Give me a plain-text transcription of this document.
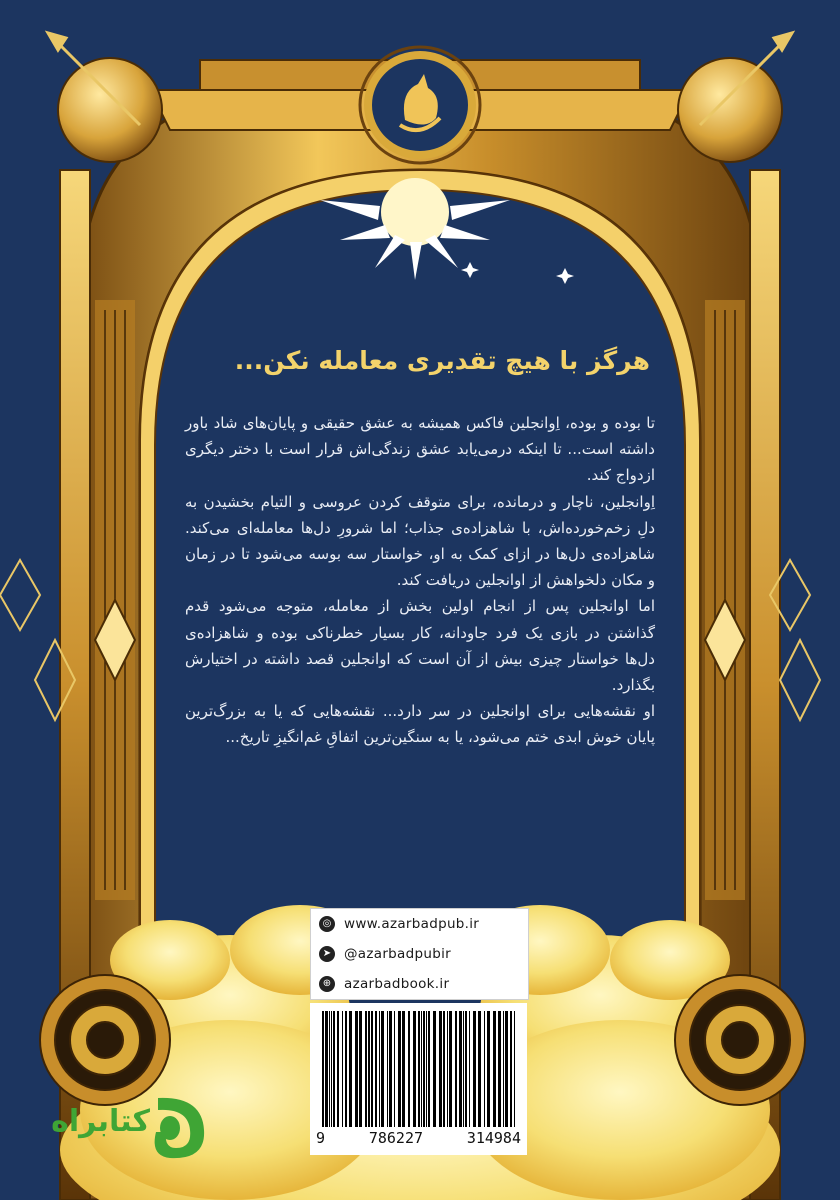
هرگز با هیچ تقدیری معامله نکن...

تا بوده و بوده، اِوانجلین فاکس همیشه به عشق حقیقی و پایان‌های شاد باور داشته است... تا اینکه درمی‌یابد عشق زندگی‌اش قرار است با دختر دیگری ازدواج کند.

اِوانجلین، ناچار و درمانده، برای متوقف کردن عروسی و التیام بخشیدن به دلِ زخم‌خورده‌اش، با شاهزاده‌ی جذاب؛ اما شرورِ دل‌ها معامله‌ای می‌کند. شاهزاده‌ی دل‌ها در ازای کمک به او، خواستار سه بوسه می‌شود تا در زمان و مکان دلخواهش از اوانجلین دریافت کند.

اما اوانجلین پس از انجام اولین بخش از معامله، متوجه می‌شود قدم گذاشتن در بازی یک فرد جاودانه، کار بسیار خطرناکی بوده و شاهزاده‌ی دل‌ها خواستار چیزی بیش از آن است که اوانجلین قصد داشته در اختیارش بگذارد.

او نقشه‌هایی برای اوانجلین در سر دارد... نقشه‌هایی که یا به بزرگ‌ترین پایان خوش ابدی ختم می‌شود، یا به سنگین‌ترین اتفاقِ غم‌انگیزِ تاریخ...

◎ www.azarbadpub.ir
➤ @azarbadpubir
⊕ azarbadbook.ir
9	786227	314984
کتابراه
